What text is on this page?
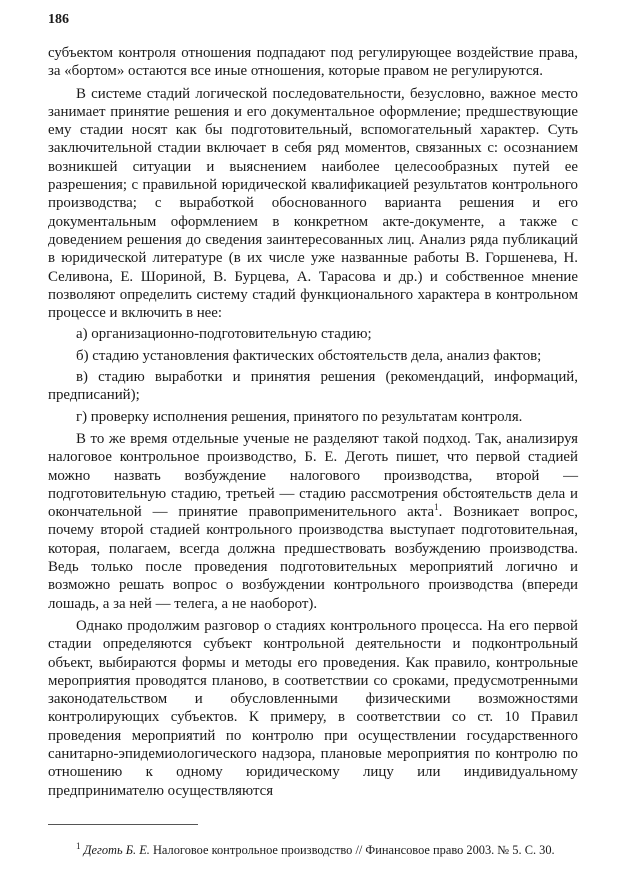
186

субъектом контроля отношения подпадают под регулирующее воздействие права, за «бортом» остаются все иные отношения, которые правом не регулируются.

В системе стадий логической последовательности, безусловно, важное место занимает принятие решения и его документальное оформление; предшествующие ему стадии носят как бы подготовительный, вспомогательный характер. Суть заключительной стадии включает в себя ряд моментов, связанных с: осознанием возникшей ситуации и выяснением наиболее целесообразных путей ее разрешения; с правильной юридической квалификацией результатов контрольного производства; с выработкой обоснованного варианта решения и его документальным оформлением в конкретном акте-документе, а также с доведением решения до сведения заинтересованных лиц. Анализ ряда публикаций в юридической литературе (в их числе уже названные работы В. Горшенева, Н. Селивона, Е. Шориной, В. Бурцева, А. Тарасова и др.) и собственное мнение позволяют определить систему стадий функционального характера в контрольном процессе и включить в нее:

а) организационно-подготовительную стадию;
б) стадию установления фактических обстоятельств дела, анализ фактов;
в) стадию выработки и принятия решения (рекомендаций, информаций, предписаний);
г) проверку исполнения решения, принятого по результатам контроля.

В то же время отдельные ученые не разделяют такой подход. Так, анализируя налоговое контрольное производство, Б. Е. Деготь пишет, что первой стадией можно назвать возбуждение налогового производства, второй — подготовительную стадию, третьей — стадию рассмотрения обстоятельств дела и окончательной — принятие правоприменительного акта$^1$. Возникает вопрос, почему второй стадией контрольного производства выступает подготовительная, которая, полагаем, всегда должна предшествовать возбуждению производства. Ведь только после проведения подготовительных мероприятий логично и возможно решать вопрос о возбуждении контрольного производства (впереди лошадь, а за ней — телега, а не наоборот).

Однако продолжим разговор о стадиях контрольного процесса. На его первой стадии определяются субъект контрольной деятельности и подконтрольный объект, выбираются формы и методы его проведения. Как правило, контрольные мероприятия проводятся планово, в соответствии со сроками, предусмотренными законодательством и обусловленными физическими возможностями контролирующих субъектов. К примеру, в соответствии со ст. 10 Правил проведения мероприятий по контролю при осуществлении государственного санитарно-эпидемиологического надзора, плановые мероприятия по контролю по отношению к одному юридическому лицу или индивидуальному предпринимателю осуществляются

$^1$ Деготь Б. Е. Налоговое контрольное производство // Финансовое право 2003. № 5. С. 30.
